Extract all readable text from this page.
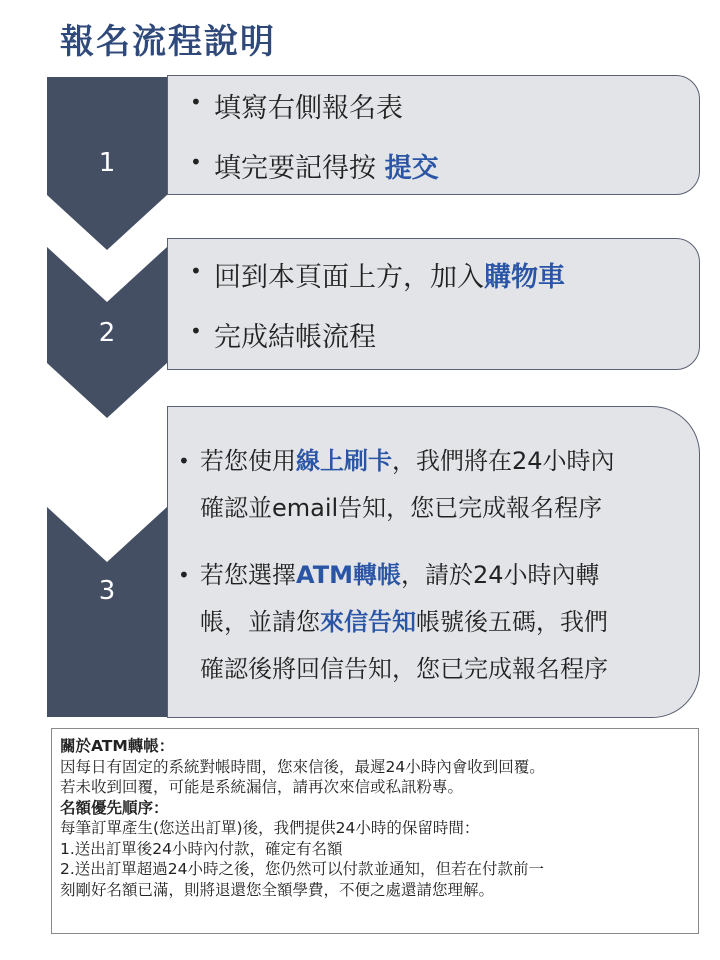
報名流程說明
1
2
3
• 填寫右側報名表
• 填完要記得按 提交
• 回到本頁面上方，加入購物車
• 完成結帳流程
• 若您使用線上刷卡，我們將在24小時內
確認並email告知，您已完成報名程序
• 若您選擇ATM轉帳，請於24小時內轉
帳，並請您來信告知帳號後五碼，我們
確認後將回信告知，您已完成報名程序
關於ATM轉帳：
因每日有固定的系統對帳時間，您來信後，最遲24小時內會收到回覆。
若未收到回覆，可能是系統漏信，請再次來信或私訊粉專。
名額優先順序：
每筆訂單產生(您送出訂單)後，我們提供24小時的保留時間：
1.送出訂單後24小時內付款，確定有名額
2.送出訂單超過24小時之後，您仍然可以付款並通知，但若在付款前一
刻剛好名額已滿，則將退還您全額學費，不便之處還請您理解。
